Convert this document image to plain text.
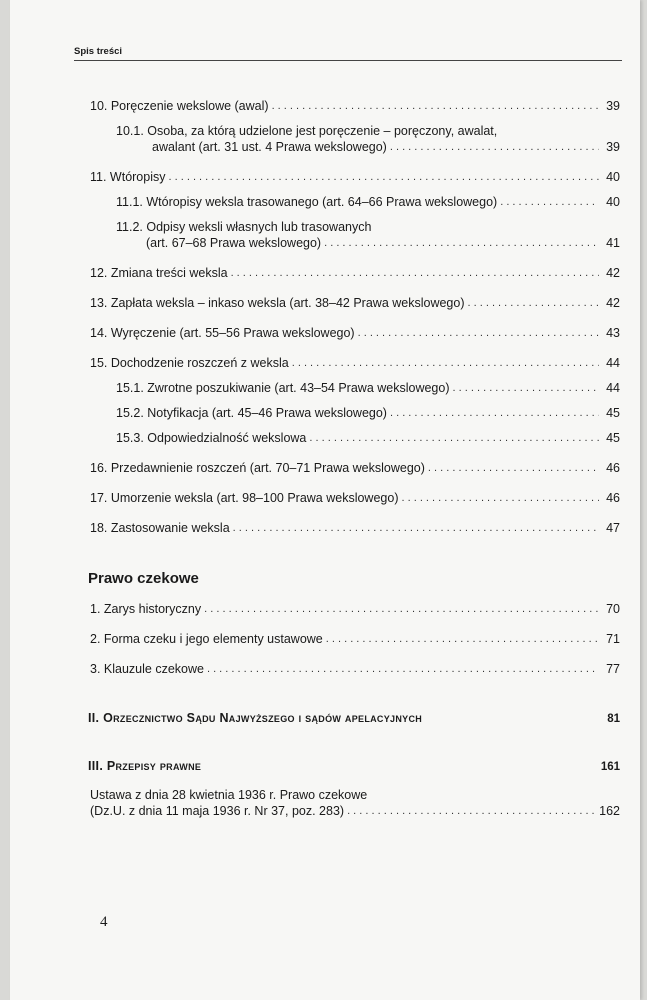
Spis treści
10. Poręczenie wekslowe (awal) . . .	39
10.1. Osoba, za którą udzielone jest poręczenie – poręczony, awalat,
awalant (art. 31 ust. 4 Prawa wekslowego) . . .	39
11. Wtóropisy . . .	40
11.1. Wtóropisy weksla trasowanego (art. 64–66 Prawa wekslowego) . . .	40
11.2. Odpisy weksli własnych lub trasowanych
(art. 67–68 Prawa wekslowego) . . .	41
12. Zmiana treści weksla . . .	42
13. Zapłata weksla – inkaso weksla (art. 38–42 Prawa wekslowego) . . .	42
14. Wyręczenie (art. 55–56 Prawa wekslowego) . . .	43
15. Dochodzenie roszczeń z weksla . . .	44
15.1. Zwrotne poszukiwanie (art. 43–54 Prawa wekslowego) . . .	44
15.2. Notyfikacja (art. 45–46 Prawa wekslowego) . . .	45
15.3. Odpowiedzialność wekslowa . . .	45
16. Przedawnienie roszczeń (art. 70–71 Prawa wekslowego) . . .	46
17. Umorzenie weksla (art. 98–100 Prawa wekslowego) . . .	46
18. Zastosowanie weksla . . .	47
Prawo czekowe
1. Zarys historyczny . . .	70
2. Forma czeku i jego elementy ustawowe . . .	71
3. Klauzule czekowe . . .	77
II. Orzecznictwo Sądu Najwyższego i sądów apelacyjnych	81
III. Przepisy prawne	161
Ustawa z dnia 28 kwietnia 1936 r. Prawo czekowe
(Dz.U. z dnia 11 maja 1936 r. Nr 37, poz. 283) . . .	162
4
